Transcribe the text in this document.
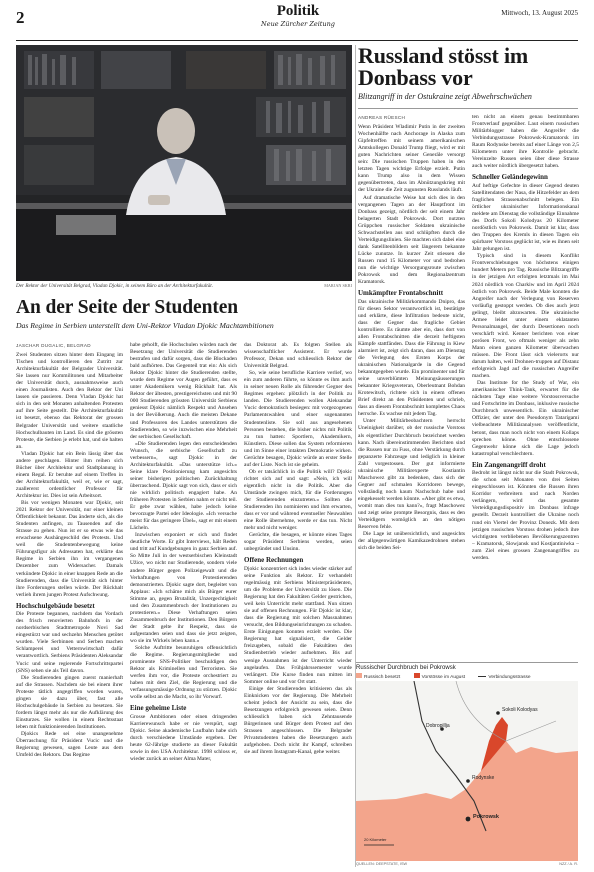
2	Politik
Neue Zürcher Zeitung
Mittwoch, 13. August 2025
Der Rektor der Universität Belgrad, Vladan Djokic, in seinem Büro an der Architekturfakultät.	MARJAN SKRI
An der Seite der Studenten
Das Regime in Serbien unterstellt dem Uni-Rektor Vladan Djokic Machtambitionen
JASCHAR DUGALIC, BELGRAD

Zwei Studenten sitzen hinter dem Eingang im Tischen und kontrollieren den Zutritt zur Architekturfakultät der Belgrader Universität. Sie lassen nur Kommilitonen und Mitarbeiter der Universität durch, ausnahmsweise auch einen Journalisten. Auch den Rektor der Uni lassen sie passieren. Denn Vladan Djokic hat sich in den seit Monaten anhaltenden Protesten auf ihre Seite gestellt. Die Architekturfakultät ist besetzt, ebenso das Rektorat der grossen Belgrader Universität und weitere staatliche Hochschulbauten im Land. Es sind die grössten Proteste, die Serbien je erlebt hat, und sie halten an.

Vladan Djokic hat ein Bein lässig über das andere geschlagen. Hinter ihm reihen sich Bücher über Architektur und Stadtplanung in einem Regal. Er beruhte auf einem Treffen in der Architekturfakultät, weil er, wie er sagt, zuallererst ordentlicher Professor für Architektur ist. Dies ist sein Arbeitsort.

Bis vor wenigen Monaten war Djokic, seit 2021 Rektor der Universität, nur einer kleinen Öffentlichkeit bekannt. Das änderte sich, als die Studenten anfingen, zu Tausenden auf die Strasse zu gehen. Nun ist er so etwas wie das erwachsene Aushängeschild des Protests. Und weil die Studentenbewegung keine Führungsfigur als Adressaten hat, erklärte das Regime in Serbien ihn im vergangenen Dezember zum Widersacher. Damals verkündete Djokic in einer knappen Rede an die Studierenden, dass die Universität sich hinter ihre Forderungen stellen würde. Der Rückhalt verlieh ihrem jungen Protest Aufschwung.

Hochschulgebäude besetzt

Die Proteste begannen, nachdem das Vordach des frisch renovierten Bahnhofs in der nordserbischen Stadtmetropole Novi Sad eingestürzt war und sechzehn Menschen getötet wurden. Viele Serbinnen und Serben machen Schlamperei und Vetternwirtschaft dafür verantwortlich. Serbiens Präsidenten Aleksandar Vucic und seine regierende Fortschrittspartei (SNS) sehen sie als Teil davon.

Die Studierenden gingen zuerst manierhaft auf die Strassen. Nachdem sie bei einem ihrer Proteste tätlich angegriffen worden waren, gingen sie dazu über, fast alle Hochschulgebäude in Serbien zu besetzen. Sie fordern längst mehr als nur die Aufklärung des Einsturzes. Sie wollen in einem Rechtsstaat leben mit funktionierenden Institutionen.

Djokics Rede sei eine unangenehme Überraschung für Präsident Vucic und die Regierung gewesen, sagen Leute aus dem Umfeld des Rektors. Das Regime

habe geholft, die Hochschulen würden nach der Besetzung der Universität die Studierenden bestrafen und dafür sorgen, dass die Blockaden bald aufhörten. Das Gegenteil trat ein: Als sich Rektor Djokic hinter die Studierenden stellte, wurde dem Regime vor Augen geführt, dass es unter Akademikern wenig Rückhalt hat. Als Rektor der ältesten, prestigereichsten und mit 90 000 Studierenden grössten Universität Serbiens geniesst Djokic nämlich Respekt und Ansehen in der Bevölkerung. Auch die meisten Dekane und Professoren des Landes unterstützen die Studierenden, so wie inzwischen eine Mehrheit der serbischen Gesellschaft.

«Die Studierenden legen den entscheidenden Wunsch, die serbische Gesellschaft zu verbessern», sagt Djokic in der Architekturfakultät. «Das unterstütze ich.» Seine klare Positionierung kam angesichts seiner bisherigen politischen Zurückhaltung überraschend. Djokic sagt von sich, dass er sich nie wirklich politisch engagiert habe. An früheren Protesten in Serbien nahm er nicht teil. Er gebe zwar wählen, habe jedoch keine bevorzugte Partei oder Ideologie. «Ich versuche meist für das geringere Übel», sagt er mit einem Lächeln.

Inzwischen exponiert er sich und findet deutliche Worte. Er gibt Interviews, hält Reden und tritt auf Kundgebungen in ganz Serbien auf. So Mitte Juli in der westserbischen Kleinstadt Užice, wo nicht nur Studierende, sondern viele andere Bürger gegen Polizeigewalt und die Verhaftungen von Protestierenden demonstrierten. Djokic sagte dort, begleitet von Applaus: «Ich schäme mich als Bürger eurer Stimme an, gegen Brutalität, Unzergechtigkeit und den Zusammenbruch der Institutionen zu protestieren.» Diese Verhaftungen seien Zusammenbruch der Institutionen. Den Bürgern der Stadt gelte ihr Respekt, dass sie aufgestanden seien und dass sie jetzt zeigten, wo sie im Wirkels leben kann.»

Solche Auftritte beunruhigen offensichtlich die Regime. Regierungsmitglieder und prominente SNS-Politiker beschuldigen den Rektor als Kriminellen und Terroristen. Sie werfen ihm vor, die Proteste orchestriert zu haben mit dem Ziel, die Regierung und die verfassungsmässige Ordnung zu stürzen. Djokic wolle selbst an die Macht, so ihr Vorwurf.

Eine geheime Liste

Grosse Ambitionen oder einen dringenden Karrierewunsch habe er nie verspürt, sagt Djokic. Seine akademische Laufbahn habe sich durch verschiedene Umstände ergeben. Der heute 62-Jährige studierte an dieser Fakultät sowie in den USA Architektur. 1998 schloss er, wieder zurück an seiner Alma Mater,

das Doktorat ab. Es folgten Stellen als wissenschaftlicher Assistent. Er wurde Professor, Dekan und schliesslich Rektor der Universität Belgrad.

So, wie seine berufliche Karriere verlief, wo ein zum anderen führte, so könnte es ihm auch in seiner neuen Rolle als führender Gegner des Regimes ergehen: plötzlich in der Politik zu landen. Die Studierenden wollen Aleksandar Vucic demokratisch besiegen: mit vorgezogenen Parlamentswahlen und einer sogenannten Studentenliste. Sie soll aus angesehenen Personen bestehen, die bisher nichts mit Politik zu tun hatten: Sportlern, Akademikern, Künstlern. Diese sollen das System reformieren und im Sinne einer intakten Demokratie wirken. Gerüchte besagen, Djokic würde an erster Stelle auf der Liste. Noch ist sie geheim.

Ob er tatsächlich in die Politik will? Djokic richtet sich auf und sagt: «Nein, ich will eigentlich nicht in die Politik. Aber die Umstände zwingen mich, für die Forderungen der Studierenden einzutreten.» Sollten die Studierenden ihn nominieren und ihm erwarten, dass er vor und während eventueller Neuwahlen eine Rolle übernehme, werde er das tun. Nicht mehr und nicht weniger.

Gerüchte, die besagen, er könnte eines Tages sogar Präsident Serbiens werden, seien unbegründet und Unsinn.

Offene Rechnungen

Djokic konzentriert sich indes wieder stärker auf seine Funktion als Rektor. Er verhandelt regelmässig mit Serbiens Ministerpräsidenten, um die Probleme der Universität zu lösen. Die Regierung hat den Fakultäten Gelder gestrichen, weil kein Unterricht mehr stattfand. Nun sitzen sie auf offenen Rechnungen. Für Djokic ist klar, dass die Regierung mit solchen Massnahmen versucht, den Bildungseinrichtungen zu schaden. Erste Einigungen konnten erzielt werden. Die Regierung hat signalisiert, die Gelder freizugeben, sobald die Fakultäten den Studienbetrieb wieder aufnehmen. Bis auf wenige Ausnahmen ist der Unterricht wieder angelaufen. Das Frühjahrssemester wurde verlängert. Die Kurse finden nun mitten im Sommer online und vor Ort statt.

Einige der Studierenden kritisieren das als Einknicken vor der Regierung. Die Mehrheit scheint jedoch der Ansicht zu sein, dass die Besetzungen erfolgreich gewesen seien. Denn schliesslich haben sich Zehntausende Bürgerinnen und Bürger dem Protest auf den Strassen angeschlossen. Die Belgrader Privatstudenten haben die Besetzungen auch aufgehoben. Doch nicht ihr Kampf, schreiben sie auf ihrem Instagram-Kanal, gehe weiter.

Russland stösst im Donbass vor
Blitzangriff in der Ostukraine zeigt Abwehrschwächen
ANDREAS RÜESCH

Wenn Präsident Wladimir Putin in der zweiten Wochenhälfte nach Anchorage in Alaska zum Gipfeltreffen mit seinem amerikanischen Amtskollegen Donald Trump fliegt, wird er mit guten Nachrichten seiner Generäle versorgt sein: Die russischen Truppen haben in den letzten Tagen wichtige Erfolge erzielt. Putin kann Trump also in dem Wissen gegenübertreten, dass im Abnützungskrieg mit der Ukraine die Zeit zugunsten Russlands läuft.

Auf dramatische Weise hat sich dies in den vergangenen Tagen an der Hauptfront im Donbass gezeigt, nördlich der seit einem Jahr belagerten Stadt Pokrowsk. Dort nutzten Grüppchen russischer Soldaten ukrainische Schwachstellen aus und schlüpften durch die Verteidigungslinien. Sie machten sich dabei eine dank Satellitenbildern seit längerem bekannte Lücke zunutze. In kurzer Zeit stiessen die Russen rund 15 Kilometer vor und bedrohen nun die wichtige Versorgungsroute zwischen Pokrowsk und dem Regionalzentrum Kramatorsk.

Umkämpfter Frontabschnitt

Das ukrainische Militärkommando Dnipro, das für diesen Sektor verantwortlich ist, bestätigte und erklärte, diese Infiltration bedeute nicht, dass der Gegner das fragliche Gebiet kontrolliere. Es räumte aber ein, dass dort von allen Frontabschnitten die derzeit heftigsten Kämpfe stattfänden. Dass die Führung in Kiew alarmiert ist, zeigt sich daran, dass am Dienstag die Verlegung des Ersten Korps der ukrainischen Nationalgarde in die Gegend bekanntgegeben wurde. Ein prominenter und für seine unverblümten Meinungsäusserungen bekannter Kriegsveteran, Oberleutnant Bohdan Krotewitsch, richtete sich in einem offenen Brief direkt an den Präsidenten und schrieb, dass an diesem Frontabschnitt komplettes Chaos herrsche. Es wachse mit jedem Tag.

Unter Militärbeobachtern herrscht Uneinigkeit darüber, ob der russische Vorstoss als eigentlicher Durchbruch bezeichnet werden kann. Nach übereinstimmenden Berichten sind die Russen nur zu Fuss, ohne Verstärkung durch gepanzerte Fahrzeuge und lediglich in kleiner Zahl vorgestossen. Der gut informierte ukrainische Militärexperte Kostiantin Maschowez gibt zu bedenken, dass sich der Gegner auf schmalen Korridoren bewege, vollständig noch kaum Nachschub habe und eingekesselt werden könnte. «Aber gibt es etwa, womit man dies tun kann?», fragt Maschowez und zeigt seine prompte Besorgnis, dass es den Verteidigern womöglich an den nötigen Reserven fehle.

Die Lage ist unübersichtlich, und angesichts der allgegenwärtigen Kamikazedrohnen stehen sich die beiden Sei-

ten nicht an einem genau bestimmbaren Frontverlauf gegenüber. Laut einem russischen Militärblogger haben die Angreifer die Verbindungsstrasse Pokrowsk-Kramatorsk im Raum Rodynske bereits auf einer Länge von 2,5 Kilometern unter ihre Kontrolle gebracht. Vereinzelte Russen seien über diese Strasse auch weiter nördlich übergesetzt haben.

Schneller Geländegewinn

Auf heftige Gefechte in dieser Gegend deuten Satellitendaten der Nasa, die Hitzefelder an dem fraglichen Strassenabschnitt belegen. Ein örtlicher ukrainischer Informationskanal meldete am Dienstag die vollständige Einnahme des Dorfs Sokoli Kolodyas 20 Kilometer nordöstlich von Pokrowsk. Damit ist klar, dass den Truppen des Kremls in diesen Tagen ein spürbarer Vorstoss geglückt ist, wie es ihnen seit Jahr gelungen ist.

Typisch sind in diesem Konflikt Frontverschiebungen von höchstens einigen hundert Metern pro Tag. Russische Blitzangriffe in der jetzigen Art erfolgten letztmals im Mai 2024 nördlich von Charkiw und im April 2024 östlich von Pokrowsk. Beide Male konnten die Angreifer nach der Verlegung von Reserven vorläufig gestoppt werden. Ob dies auch jetzt gelingt, bleibt abzuwarten. Die ukrainische Armee leidet unter einem eklatanten Personalmangel, der durch Desertionen noch verschärft wird. Kenner berichten von einer porösen Front, wo oftmals weniger als zehn Mann einen ganzen Kilometer überwachen müssen. Die Front lässt sich vielerorts nur darum halten, weil Drohnen-truppen auf Distanz erfolgreich Jagd auf die russischen Angreifer machen.

Das Institute for the Study of War, ein amerikanischer Think-Tank, erwartet für die nächsten Tage eine weitere Vorstossversuche und Fortschritte im Donbass, inklusive russische Durchbruch unwesentlich. Ein ukrainischer Offizier, der unter den Pseudonym Tatarigami vielbeachtete Militäranalysen veröffentlicht, betont, dass man noch nicht von einem Kollaps sprechen könne. Ohne entschlossene Gegenwehr könne sich die Lage jedoch katastrophal verschlechtern.

Ein Zangenangriff droht

Bedroht ist längst nicht nur die Stadt Pokrowsk, die schon seit Monaten von drei Seiten eingeschlossen ist. Könnten die Russen ihren Korridor verbreitern und nach Norden verlängern, wird das gesamte Verteidigungsdispositiv im Donbass infrage gestellt. Derzeit kontrolliert die Ukraine noch rund ein Viertel der Provinz Donezk. Mit dem jetzigen russischen Vorstoss drohen jedoch ihre wichtigsten verbliebenen Bevölkerungszentren – Kramatorsk, Slowjansk und Kostjantiniwka – zum Ziel eines grossen Zangenangriffes zu werden.

Russischer Durchbruch bei Pokrowsk
Russisch besetzt	Vorstösse im August	Verbindungsstrasse
Sokoli Kolodyas
Dobropillja
Rodynske
Pokrowsk
20 Kilometer
QUELLEN: DEEPSTATE, ISW	NZZ / A. R.
